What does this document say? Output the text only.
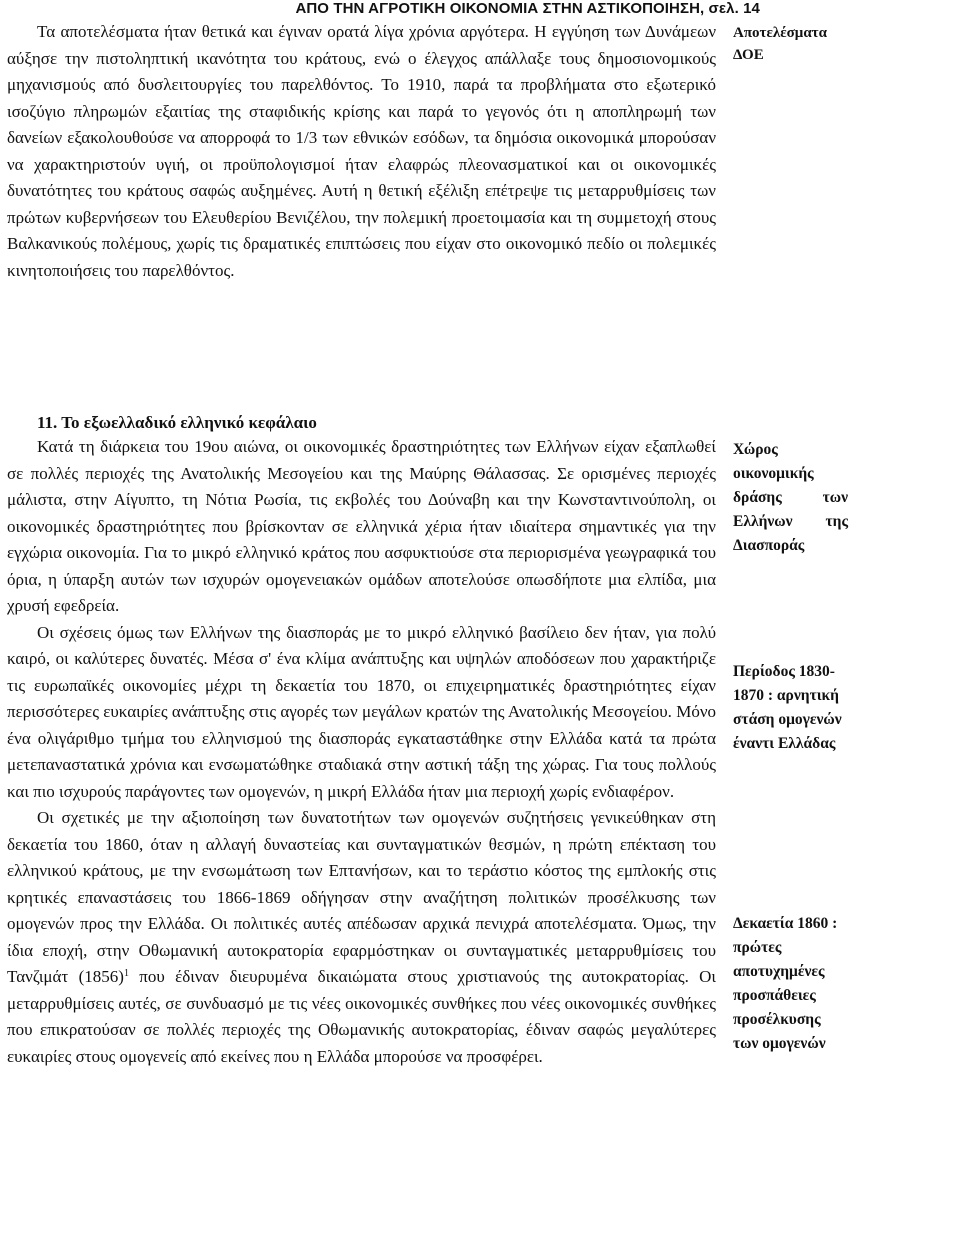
ΑΠΟ ΤΗΝ ΑΓΡΟΤΙΚΗ ΟΙΚΟΝΟΜΙΑ ΣΤΗΝ ΑΣΤΙΚΟΠΟΙΗΣΗ, σελ. 14

Τα αποτελέσματα ήταν θετικά και έγιναν ορατά λίγα χρόνια αργότερα. Η εγγύηση των Δυνάμεων αύξησε την πιστοληπτική ικανότητα του κράτους, ενώ ο έλεγχος απάλλαξε τους δημοσιονομικούς μηχανισμούς από δυσλειτουργίες του παρελθόντος. Το 1910, παρά τα προβλήματα στο εξωτερικό ισοζύγιο πληρωμών εξαιτίας της σταφιδικής κρίσης και παρά το γεγονός ότι η αποπληρωμή των δανείων εξακολουθούσε να απορροφά το 1/3 των εθνικών εσόδων, τα δημόσια οικονομικά μπορούσαν να χαρακτηριστούν υγιή, οι προϋπολογισμοί ήταν ελαφρώς πλεονασματικοί και οι οικονομικές δυνατότητες του κράτους σαφώς αυξημένες. Αυτή η θετική εξέλιξη επέτρεψε τις μεταρρυθμίσεις των πρώτων κυβερνήσεων του Ελευθερίου Βενιζέλου, την πολεμική προετοιμασία και τη συμμετοχή στους Βαλκανικούς πολέμους, χωρίς τις δραματικές επιπτώσεις που είχαν στο οικονομικό πεδίο οι πολεμικές κινητοποιήσεις του παρελθόντος.

Αποτελέσματα ΔΟΕ
11. Το εξωελλαδικό ελληνικό κεφάλαιο

Κατά τη διάρκεια του 19ου αιώνα, οι οικονομικές δραστηριότητες των Ελλήνων είχαν εξαπλωθεί σε πολλές περιοχές της Ανατολικής Μεσογείου και της Μαύρης Θάλασσας. Σε ορισμένες περιοχές μάλιστα, στην Αίγυπτο, τη Νότια Ρωσία, τις εκβολές του Δούναβη και την Κωνσταντινούπολη, οι οικονομικές δραστηριότητες που βρίσκονταν σε ελληνικά χέρια ήταν ιδιαίτερα σημαντικές για την εγχώρια οικονομία. Για το μικρό ελληνικό κράτος που ασφυκτιούσε στα περιορισμένα γεωγραφικά του όρια, η ύπαρξη αυτών των ισχυρών ομογενειακών ομάδων αποτελούσε οπωσδήποτε μια ελπίδα, μια χρυσή εφεδρεία.

Οι σχέσεις όμως των Ελλήνων της διασποράς με το μικρό ελληνικό βασίλειο δεν ήταν, για πολύ καιρό, οι καλύτερες δυνατές. Μέσα σ' ένα κλίμα ανάπτυξης και υψηλών αποδόσεων που χαρακτήριζε τις ευρωπαϊκές οικονομίες μέχρι τη δεκαετία του 1870, οι επιχειρηματικές δραστηριότητες είχαν περισσότερες ευκαιρίες ανάπτυξης στις αγορές των μεγάλων κρατών της Ανατολικής Μεσογείου. Μόνο ένα ολιγάριθμο τμήμα του ελληνισμού της διασποράς εγκαταστάθηκε στην Ελλάδα κατά τα πρώτα μετεπαναστατικά χρόνια και ενσωματώθηκε σταδιακά στην αστική τάξη της χώρας. Για τους πολλούς και πιο ισχυρούς παράγοντες των ομογενών, η μικρή Ελλάδα ήταν μια περιοχή χωρίς ενδιαφέρον.

Οι σχετικές με την αξιοποίηση των δυνατοτήτων των ομογενών συζητήσεις γενικεύθηκαν στη δεκαετία του 1860, όταν η αλλαγή δυναστείας και συνταγματικών θεσμών, η πρώτη επέκταση του ελληνικού κράτους, με την ενσωμάτωση των Επτανήσων, και το τεράστιο κόστος της εμπλοκής στις κρητικές επαναστάσεις του 1866-1869 οδήγησαν στην αναζήτηση πολιτικών προσέλκυσης των ομογενών προς την Ελλάδα. Οι πολιτικές αυτές απέδωσαν αρχικά πενιχρά αποτελέσματα. Όμως, την ίδια εποχή, στην Οθωμανική αυτοκρατορία εφαρμόστηκαν οι συνταγματικές μεταρρυθμίσεις του Τανζιμάτ $(1856)^1$ που έδιναν διευρυμένα δικαιώματα στους χριστιανούς της αυτοκρατορίας. Οι μεταρρυθμίσεις αυτές, σε συνδυασμό με τις νέες οικονομικές συνθήκες που νέες οικονομικές συνθήκες που επικρατούσαν σε πολλές περιοχές της Οθωμανικής αυτοκρατορίας, έδιναν σαφώς μεγαλύτερες ευκαιρίες στους ομογενείς από εκείνες που η Ελλάδα μπορούσε να προσφέρει.

Χώρος οικονομικής δράσης των Ελλήνων της Διασποράς
Περίοδος 1830-1870 : αρνητική στάση ομογενών έναντι Ελλάδας
Δεκαετία 1860 : πρώτες αποτυχημένες προσπάθειες προσέλκυσης των ομογενών
